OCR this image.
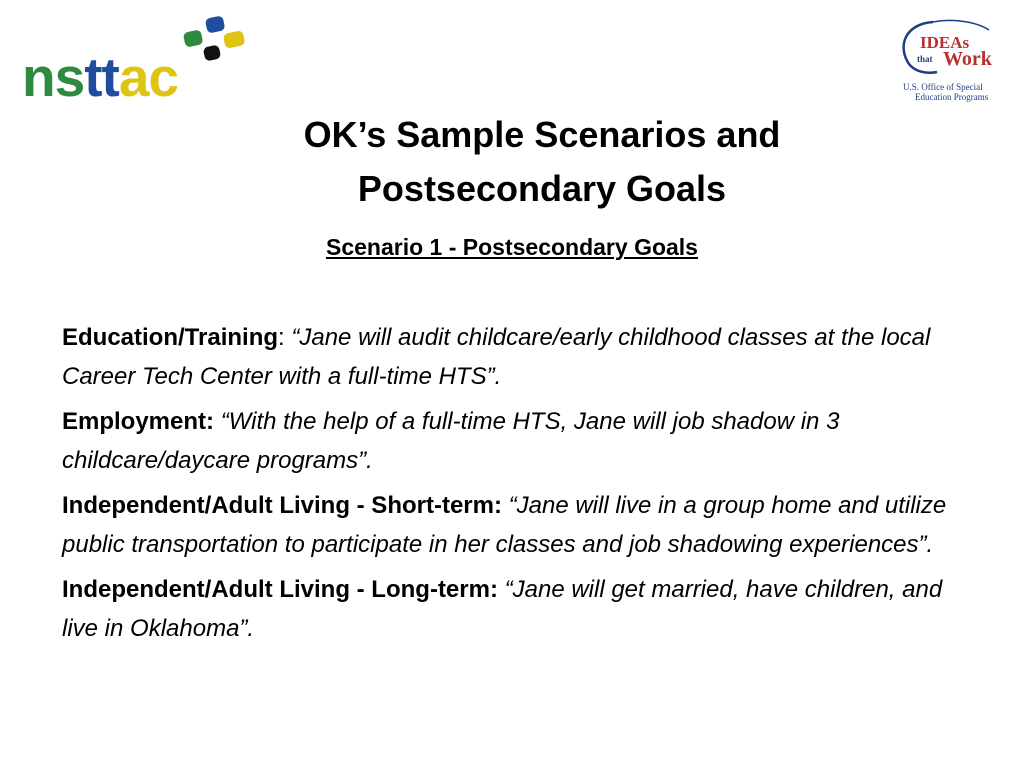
nsttac
IDEAs
that Work
U.S. Office of Special
Education Programs
OK’s Sample Scenarios and
Postsecondary Goals
Scenario 1 - Postsecondary Goals

Education/Training: “Jane will audit childcare/early childhood classes at the local Career Tech Center with a full-time HTS”.

Employment: “With the help of a full-time HTS, Jane will job shadow in 3 childcare/daycare programs”.

Independent/Adult Living - Short-term: “Jane will live in a group home and utilize public transportation to participate in her classes and job shadowing experiences”.

Independent/Adult Living - Long-term: “Jane will get married, have children, and live in Oklahoma”.
